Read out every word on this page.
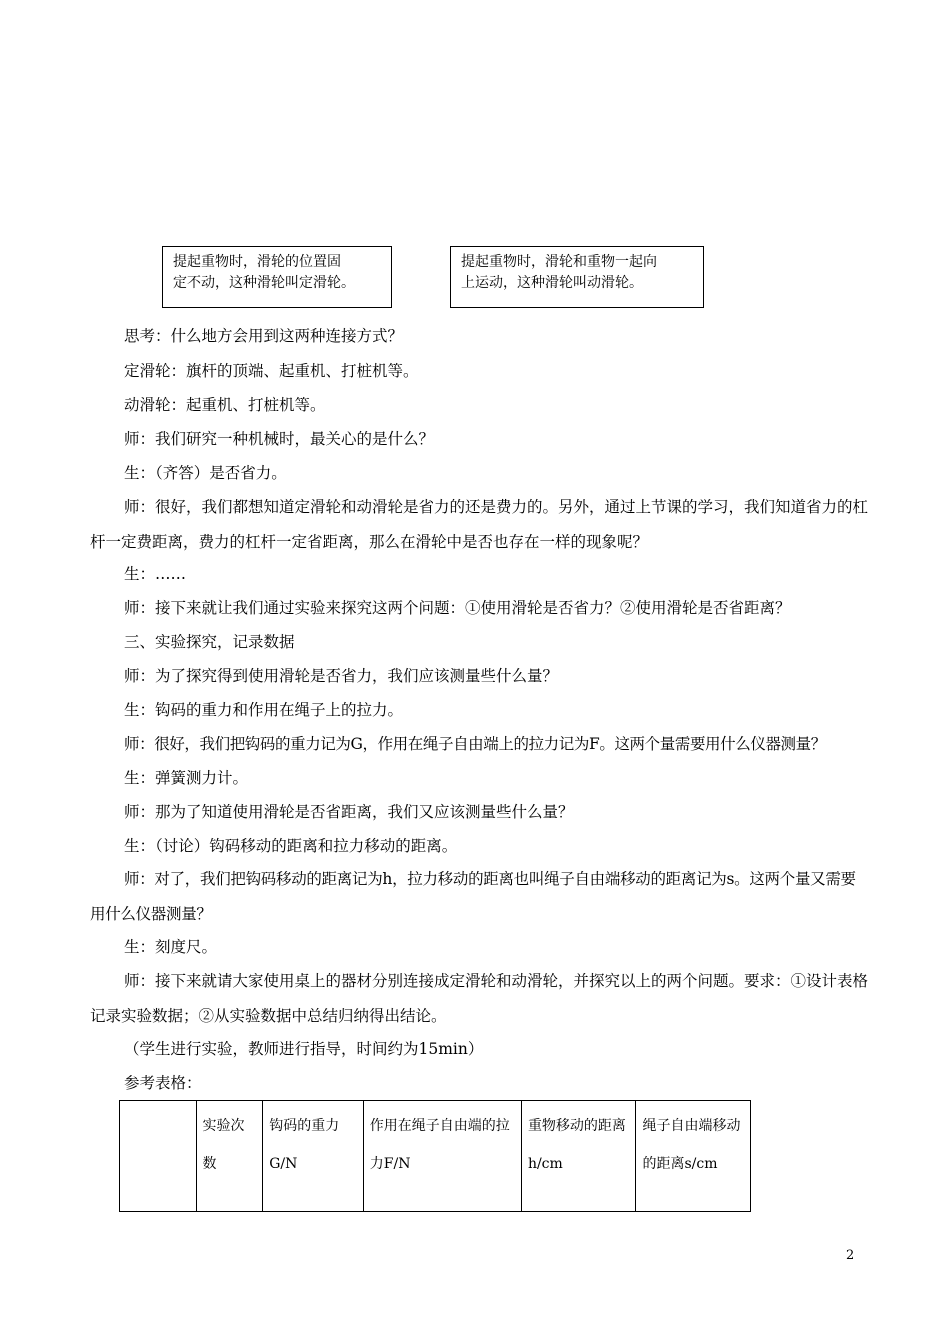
提起重物时，滑轮的位置固
定不动，这种滑轮叫定滑轮。
提起重物时，滑轮和重物一起向
上运动，这种滑轮叫动滑轮。

思考：什么地方会用到这两种连接方式？

定滑轮：旗杆的顶端、起重机、打桩机等。

动滑轮：起重机、打桩机等。

师：我们研究一种机械时，最关心的是什么？

生：（齐答）是否省力。

师：很好，我们都想知道定滑轮和动滑轮是省力的还是费力的。另外，通过上节课的学习，我们知道省力的杠杆一定费距离，费力的杠杆一定省距离，那么在滑轮中是否也存在一样的现象呢？

生：……

师：接下来就让我们通过实验来探究这两个问题：①使用滑轮是否省力？②使用滑轮是否省距离？

三、实验探究，记录数据

师：为了探究得到使用滑轮是否省力，我们应该测量些什么量？

生：钩码的重力和作用在绳子上的拉力。

师：很好，我们把钩码的重力记为G，作用在绳子自由端上的拉力记为F。这两个量需要用什么仪器测量？

生：弹簧测力计。

师：那为了知道使用滑轮是否省距离，我们又应该测量些什么量？

生：（讨论）钩码移动的距离和拉力移动的距离。

师：对了，我们把钩码移动的距离记为h，拉力移动的距离也叫绳子自由端移动的距离记为s。这两个量又需要用什么仪器测量？

生：刻度尺。

师：接下来就请大家使用桌上的器材分别连接成定滑轮和动滑轮，并探究以上的两个问题。要求：①设计表格记录实验数据；②从实验数据中总结归纳得出结论。

（学生进行实验，教师进行指导，时间约为15min）

参考表格：

	实验次数	钩码的重力G/N	作用在绳子自由端的拉力F/N	重物移动的距离h/cm	绳子自由端移动的距离s/cm
2
